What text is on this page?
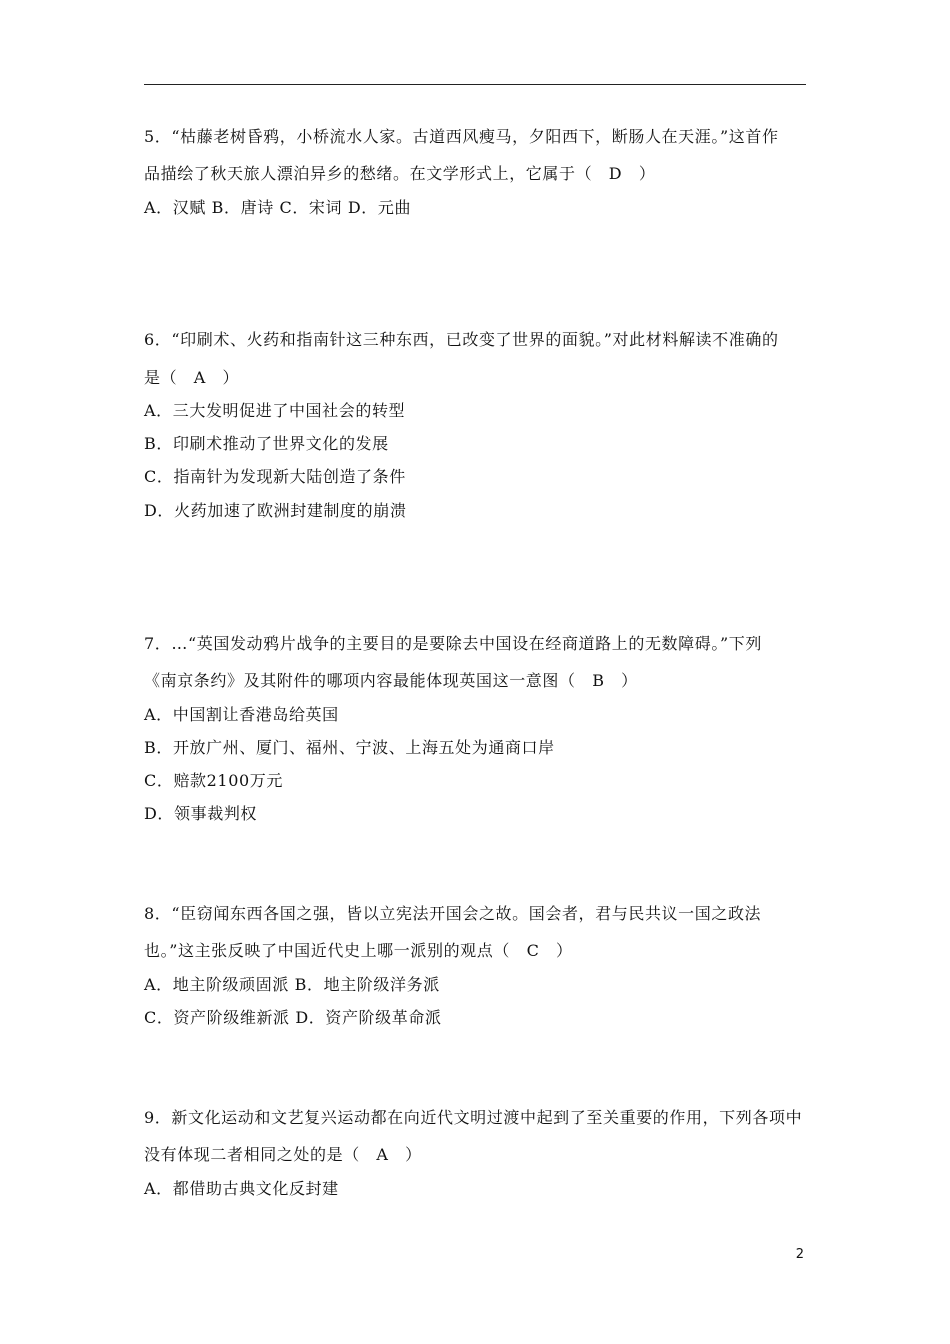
5．“枯藤老树昏鸦，小桥流水人家。古道西风瘦马，夕阳西下，断肠人在天涯。”这首作
品描绘了秋天旅人漂泊异乡的愁绪。在文学形式上，它属于（　D　）
A．汉赋 B．唐诗 C．宋词 D．元曲
6．“印刷术、火药和指南针这三种东西，已改变了世界的面貌。”对此材料解读不准确的
是（　A　）
A．三大发明促进了中国社会的转型
B．印刷术推动了世界文化的发展
C．指南针为发现新大陆创造了条件
D．火药加速了欧洲封建制度的崩溃
7．…“英国发动鸦片战争的主要目的是要除去中国设在经商道路上的无数障碍。”下列
《南京条约》及其附件的哪项内容最能体现英国这一意图（　B　）
A．中国割让香港岛给英国
B．开放广州、厦门、福州、宁波、上海五处为通商口岸
C．赔款2100万元
D．领事裁判权
8．“臣窃闻东西各国之强，皆以立宪法开国会之故。国会者，君与民共议一国之政法
也。”这主张反映了中国近代史上哪一派别的观点（　C　）
A．地主阶级顽固派 B．地主阶级洋务派
C．资产阶级维新派 D．资产阶级革命派
9．新文化运动和文艺复兴运动都在向近代文明过渡中起到了至关重要的作用，下列各项中
没有体现二者相同之处的是（　A　）
A．都借助古典文化反封建
2
